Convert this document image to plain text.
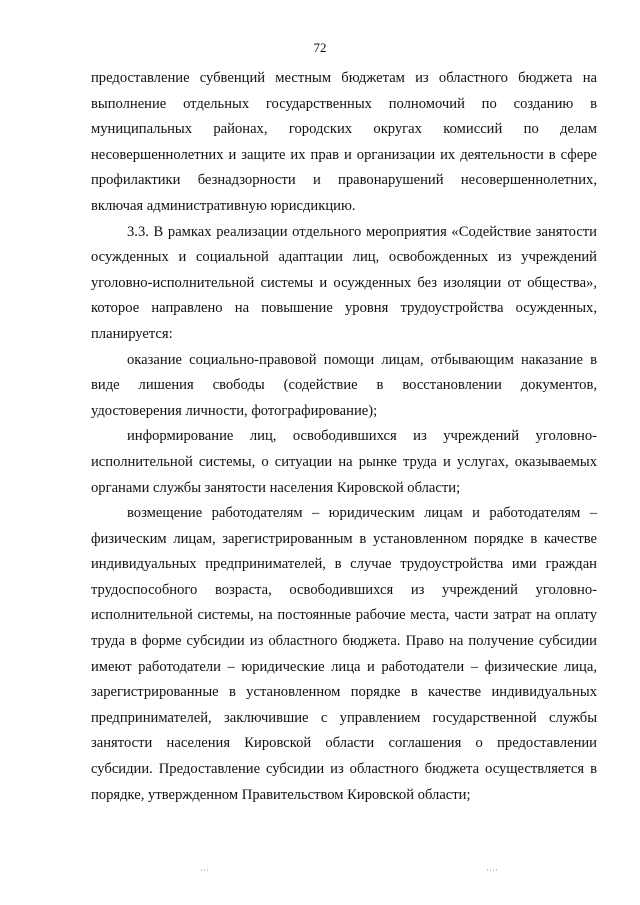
72

предоставление субвенций местным бюджетам из областного бюджета на выполнение отдельных государственных полномочий по созданию в муниципальных районах, городских округах комиссий по делам несовершеннолетних и защите их прав и организации их деятельности в сфере профилактики безнадзорности и правонарушений несовершеннолетних, включая административную юрисдикцию.

3.3. В рамках реализации отдельного мероприятия «Содействие занятости осужденных и социальной адаптации лиц, освобожденных из учреждений уголовно-исполнительной системы и осужденных без изоляции от общества», которое направлено на повышение уровня трудоустройства осужденных, планируется:

оказание социально-правовой помощи лицам, отбывающим наказание в виде лишения свободы (содействие в восстановлении документов, удостоверения личности, фотографирование);

информирование лиц, освободившихся из учреждений уголовно-исполнительной системы, о ситуации на рынке труда и услугах, оказываемых органами службы занятости населения Кировской области;

возмещение работодателям – юридическим лицам и работодателям – физическим лицам, зарегистрированным в установленном порядке в качестве индивидуальных предпринимателей, в случае трудоустройства ими граждан трудоспособного возраста, освободившихся из учреждений уголовно-исполнительной системы, на постоянные рабочие места, части затрат на оплату труда в форме субсидии из областного бюджета. Право на получение субсидии имеют работодатели – юридические лица и работодатели – физические лица, зарегистрированные в установленном порядке в качестве индивидуальных предпринимателей, заключившие с управлением государственной службы занятости населения Кировской области соглашения о предоставлении субсидии. Предоставление субсидии из областного бюджета осуществляется в порядке, утвержденном Правительством Кировской области;

˙˙˙	˙˙˙˙
